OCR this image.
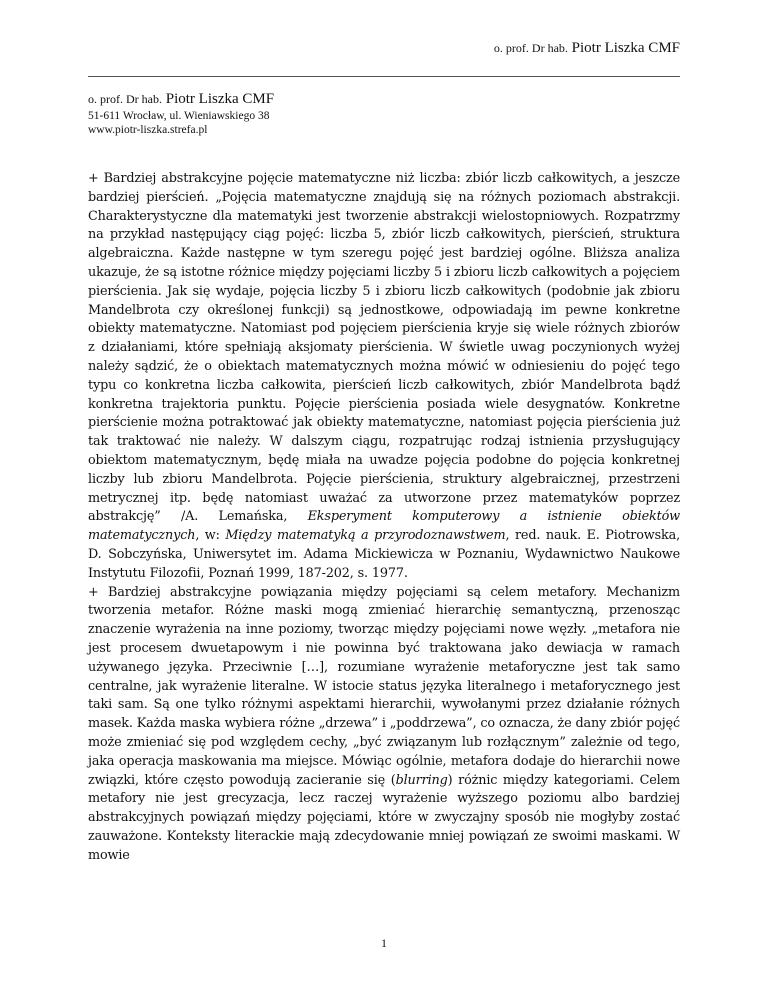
o. prof. Dr hab. Piotr Liszka CMF
o. prof. Dr hab. Piotr Liszka CMF
51-611 Wrocław, ul. Wieniawskiego 38
www.piotr-liszka.strefa.pl

+ Bardziej abstrakcyjne pojęcie matematyczne niż liczba: zbiór liczb całkowitych, a jeszcze bardziej pierścień. „Pojęcia matematyczne znajdują się na różnych poziomach abstrakcji. Charakterystyczne dla matematyki jest tworzenie abstrakcji wielostopniowych. Rozpatrzmy na przykład następujący ciąg pojęć: liczba 5, zbiór liczb całkowitych, pierścień, struktura algebraiczna. Każde następne w tym szeregu pojęć jest bardziej ogólne. Bliższa analiza ukazuje, że są istotne różnice między pojęciami liczby 5 i zbioru liczb całkowitych a pojęciem pierścienia. Jak się wydaje, pojęcia liczby 5 i zbioru liczb całkowitych (podobnie jak zbioru Mandelbrota czy określonej funkcji) są jednostkowe, odpowiadają im pewne konkretne obiekty matematyczne. Natomiast pod pojęciem pierścienia kryje się wiele różnych zbiorów z działaniami, które spełniają aksjomaty pierścienia. W świetle uwag poczynionych wyżej należy sądzić, że o obiektach matematycznych można mówić w odniesieniu do pojęć tego typu co konkretna liczba całkowita, pierścień liczb całkowitych, zbiór Mandelbrota bądź konkretna trajektoria punktu. Pojęcie pierścienia posiada wiele desygnatów. Konkretne pierścienie można potraktować jak obiekty matematyczne, natomiast pojęcia pierścienia już tak traktować nie należy. W dalszym ciągu, rozpatrując rodzaj istnienia przysługujący obiektom matematycznym, będę miała na uwadze pojęcia podobne do pojęcia konkretnej liczby lub zbioru Mandelbrota. Pojęcie pierścienia, struktury algebraicznej, przestrzeni metrycznej itp. będę natomiast uważać za utworzone przez matematyków poprzez abstrakcję” /A. Lemańska, Eksperyment komputerowy a istnienie obiektów matematycznych, w: Między matematyką a przyrodoznawstwem, red. nauk. E. Piotrowska, D. Sobczyńska, Uniwersytet im. Adama Mickiewicza w Poznaniu, Wydawnictwo Naukowe Instytutu Filozofii, Poznań 1999, 187-202, s. 1977.

+ Bardziej abstrakcyjne powiązania między pojęciami są celem metafory. Mechanizm tworzenia metafor. Różne maski mogą zmieniać hierarchię semantyczną, przenosząc znaczenie wyrażenia na inne poziomy, tworząc między pojęciami nowe węzły. „metafora nie jest procesem dwuetapowym i nie powinna być traktowana jako dewiacja w ramach używanego języka. Przeciwnie […], rozumiane wyrażenie metaforyczne jest tak samo centralne, jak wyrażenie literalne. W istocie status języka literalnego i metaforycznego jest taki sam. Są one tylko różnymi aspektami hierarchii, wywołanymi przez działanie różnych masek. Każda maska wybiera różne „drzewa” i „poddrzewa”, co oznacza, że dany zbiór pojęć może zmieniać się pod względem cechy, „być związanym lub rozłącznym” zależnie od tego, jaka operacja maskowania ma miejsce. Mówiąc ogólnie, metafora dodaje do hierarchii nowe związki, które często powodują zacieranie się (blurring) różnic między kategoriami. Celem metafory nie jest grecyzacja, lecz raczej wyrażenie wyższego poziomu albo bardziej abstrakcyjnych powiązań między pojęciami, które w zwyczajny sposób nie mogłyby zostać zauważone. Konteksty literackie mają zdecydowanie mniej powiązań ze swoimi maskami. W mowie

1
